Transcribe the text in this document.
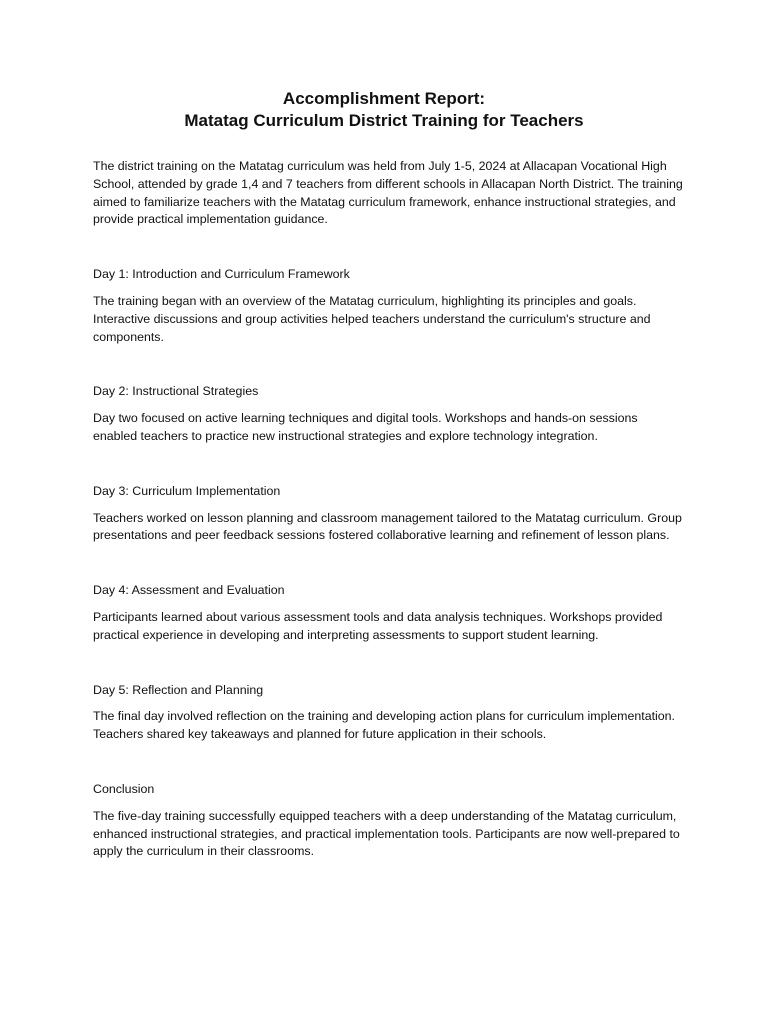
Accomplishment Report:
Matatag Curriculum District Training for Teachers

The district training on the Matatag curriculum was held from July 1-5, 2024 at Allacapan Vocational High School, attended by grade 1,4 and 7 teachers from different schools in Allacapan North District. The training aimed to familiarize teachers with the Matatag curriculum framework, enhance instructional strategies, and provide practical implementation guidance.

Day 1: Introduction and Curriculum Framework

The training began with an overview of the Matatag curriculum, highlighting its principles and goals. Interactive discussions and group activities helped teachers understand the curriculum's structure and components.

Day 2: Instructional Strategies

Day two focused on active learning techniques and digital tools. Workshops and hands-on sessions enabled teachers to practice new instructional strategies and explore technology integration.

Day 3: Curriculum Implementation

Teachers worked on lesson planning and classroom management tailored to the Matatag curriculum. Group presentations and peer feedback sessions fostered collaborative learning and refinement of lesson plans.

Day 4: Assessment and Evaluation

Participants learned about various assessment tools and data analysis techniques. Workshops provided practical experience in developing and interpreting assessments to support student learning.

Day 5: Reflection and Planning

The final day involved reflection on the training and developing action plans for curriculum implementation. Teachers shared key takeaways and planned for future application in their schools.

Conclusion

The five-day training successfully equipped teachers with a deep understanding of the Matatag curriculum, enhanced instructional strategies, and practical implementation tools. Participants are now well-prepared to apply the curriculum in their classrooms.
